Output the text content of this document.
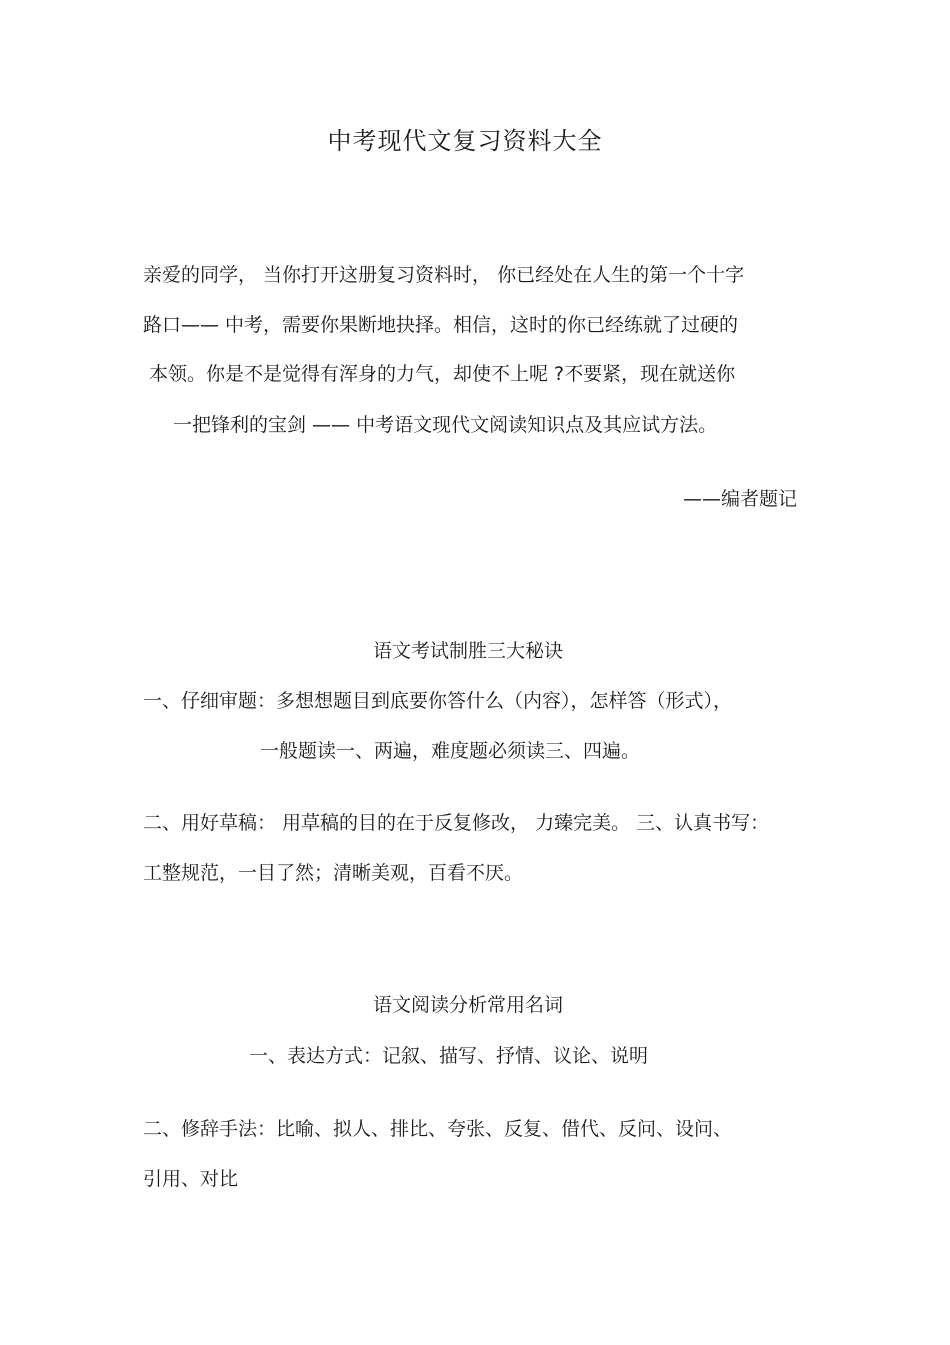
中考现代文复习资料大全
亲爱的同学， 当你打开这册复习资料时， 你已经处在人生的第一个十字
路口—— 中考，需要你果断地抉择。相信，这时的你已经练就了过硬的
本领。你是不是觉得有浑身的力气，却使不上呢 ?不要紧，现在就送你
一把锋利的宝剑 —— 中考语文现代文阅读知识点及其应试方法。
——编者题记
语文考试制胜三大秘诀
一、仔细审题：多想想题目到底要你答什么（内容），怎样答（形式），
一般题读一、两遍，难度题必须读三、四遍。
二、用好草稿： 用草稿的目的在于反复修改， 力臻完美。 三、认真书写：
工整规范，一目了然；清晰美观，百看不厌。
语文阅读分析常用名词
一、表达方式：记叙、描写、抒情、议论、说明
二、修辞手法：比喻、拟人、排比、夸张、反复、借代、反问、设问、
引用、对比
